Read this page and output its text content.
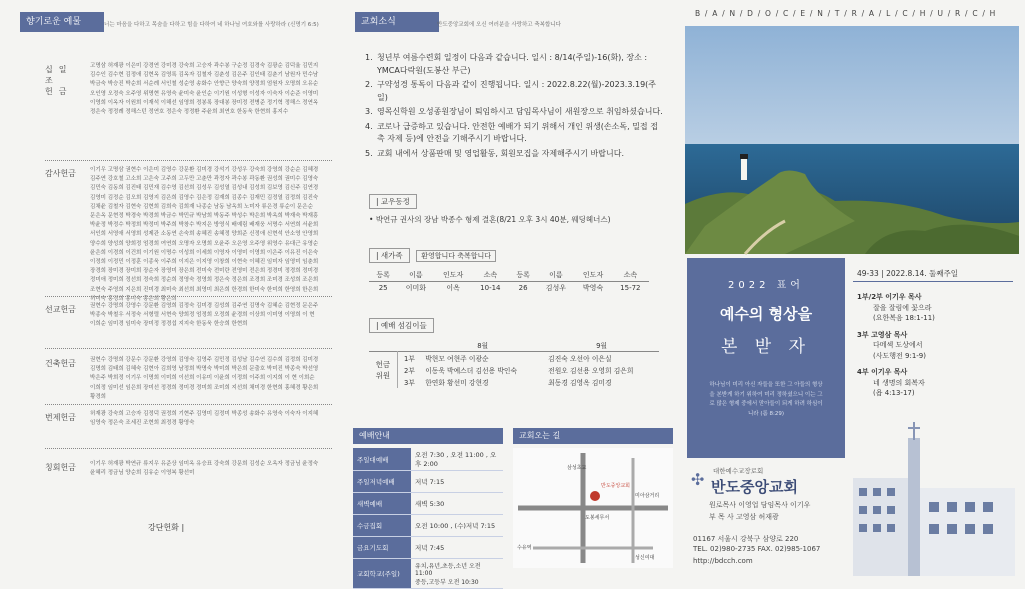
향기로운 예물	너는 마음을 다하고 목숨을 다하고 힘을 다하여 네 하나님 여호와를 사랑하라 (신명기 6:5)
십일조
헌금
고명삼 허재광 이은미 강경연 강미경 강숙희 고승자 곽수봉 구순정 김경숙 김광순 김덕율 김민지 김수인 김수현 김정애 김현옥 김영록 김옥자 김철자 김춘성 김은주 김인태 김춘기 남원자 민수남 박금숙 박승진 박순희 서순례 서인철 성순영 송화수 안향근 양숙희 양정희 엄원자 오명희 오유순 오인영 오정숙 오주영 위명현 유영숙 윤미숙 윤인순 이기원 이성형 이성자 이숙자 이순준 이영미 이영희 이옥자 이원희 이재석 이해선 임영희 정봉록 장대봉 장미정 전병준 정기혁 정해스 정연옥 정은숙 정정례 정해스턴 정연호 정은숙 정정환 주윤희 최연호 한동욱 한현희 홍지수
감사헌금	이기우 고명삼 권현수 이은미 김영수 강문환 김미경 강석기 강성우 강숙희 강영희 강순순 김혜경 김주연 강호철 고소희 고은숙 고주희 고두만 고춘만 곽정자 곽수봉 곽동환 권성희 권미수 김영숙 김민숙 김동희 김진태 김민재 김수영 김선희 김성우 김성열 김성내 김성희 김보영 김신주 김연경 김영미 김정순 김오희 김영지 김은희 김영수 김은정 김재희 김종수 김재민 김정열 김정희 김진숙 김채윤 김철자 김현숙 김현희 김희숙 김희재 나종순 남동 남옥희 노미자 류은경 류순이 문은순 문은옥 문현정 박경숙 박경희 박금수 박민규 박남희 박동주 박성수 박은희 박옥희 박재숙 박재흥 박윤정 박정수 박정희 박정미 박주희 박창수 박지은 방영식 배예림 배재웅 서명수 서연희 서윤희 서인희 서영애 서영희 성제관 소동연 손숙희 송혜진 송혜정 양희준 신정애 신현석 안소영 안영희 양수희 양성희 양희정 엄경희 여연희 오명자 오명희 오윤주 오은영 오주영 위영수 유대근 유영순 윤은희 이경희 이건희 이기원 이명수 이성희 이세희 이영자 이영미 이영희 이은주 이유진 이은숙 이정희 이정민 이정훈 이종욱 이주희 이지은 이지영 이창희 이현숙 이혜진 임미자 임영미 임춘희 장경희 장미경 장미희 장순자 장영미 장은희 전미숙 전미란 전영미 전은희 정경미 정경희 정미경 정미애 정미희 정선희 정숙희 정순희 정영숙 정영희 정은숙 정은희 조경희 조미경 조성희 조은희 조현숙 주영희 지은희 진미경 최미숙 최선희 최영미 최은희 한경희 한미숙 한미희 한영희 한은희 허미숙 홍경희 홍미숙 홍은희 황은희
선교헌금	권현수 강명희 강영수 강문환 김영희 김정숙 김미경 김성희 김주연 김명숙 김혜순 김현정 문은주 박종숙 박철우 서정숙 서형렬 서현숙 양희정 엄정희 오정희 윤경희 이상희 이미영 이영희 이 현 이희순 임미경 임미숙 장미정 정경섭 지지숙 한동욱 한승희 한현희
건축헌금	권현수 강명희 강문수 강문환 강영희 김영숙 김영주 김민정 김성남 김수연 김수희 김정희 김미경 김명희 김태희 김혜숙 김현아 김희영 남정희 박명숙 박미희 박은희 문출호 박미진 박종숙 박선영 박은주 박희정 이기우 이명희 이미희 이선희 이유미 이윤희 이정희 이주희 이지희 이 현 이희순 이희정 임미선 임은희 장미선 정경희 정미경 정미희 조미희 지선희 채미경 한현희 홍혜경 황은희 황경희
번제헌금	허재광 강숙희 고승자 김정덕 권정희 기현주 김영미 김정미 박종성 송화수 유영숙 이숙자 이지혜 임영숙 정은숙 조세진 조현희 최정경 황영숙
칭회헌금	이기우 허재광 박연규 류지우 유준상 임미옥 유승표 강숙희 강문희 김성순 오옥자 정금님 윤정숙 윤혜리 정금님 양순희 김유순 이영복 황선미
강단헌화 |
교회소식	반도중앙교회에 오신 여러분을 사랑하고 축복합니다
1. 청년부 여름수련회 일정이 다음과 같습니다. 일시 : 8/14(주일)-16(화), 장소 : YMCA다락원(도봉산 부근)
2. 구약성경 통독이 다음과 같이 진행됩니다. 일시 : 2022.8.22(월)-2023.3.19(주일)
3. 영목신학원 오성종원장님이 퇴임하시고 담임목사님이 새원장으로 취임하셨습니다.
4. 코로나 급증하고 있습니다. 안전한 예배가 되기 위해서 개인 위생(손소독, 밀접 접촉 자제 등)에 안전을 기해주시기 바랍니다.
5. 교회 내에서 상품판매 및 영업활동, 회원모집을 자제해주시기 바랍니다.
| 교우동정
• 박연규 권사의 장남 박종수 형제 결혼(8/21 오후 3시 40분, 웨딩헤너스)
| 새가족	환영합니다 축복합니다
등록	이름	인도자	소속	등록	이름	인도자	소속
25	이미화	이옥	10-14	26	김성우	박영숙	15-72
| 예배 섬김이들
		8월	9월
헌금
위원	1부	박현모 여현주 이광순	김진숙 오선아 이은실
	2부	이동욱 박예스더 김선용 박인숙	전원오 김선용 오영희 김은희
	3부	한연화 황선미 강현경	최동경 김영옥 김미경
예배안내
주일대예배	오전 7:30 , 오전 11:00 , 오후 2:00
주일저녁예배	저녁 7:15
새벽예배	새벽 5:30
수금집회	오전 10:00 , (수)저녁 7:15
금요기도회	저녁 7:45
교회학교(주일)	유치,유년,초등,소년 오전 11:00
중등,고등부 오전 10:30
교회오는 길
삼성초교
도봉세무서
미아삼거리
수유역
반도중앙교회
성신여대
B / A / N / D / O / C / E / N / T / R / A / L / C / H / U / R / C / H
2022 표어
예수의 형상을
본 받 자
하나님이 미리 아신 자들을 또한 그 아들의 형상을 본받게 하기 위하여 미리 정하셨으니 이는 그로 많은 형제 중에서 맏아들이 되게 하려 하심이니라 (롬 8:29)
49-33 | 2022.8.14. 둘째주일
1부/2부 이기우 목사
잘을 잘림에 꽃으라
(요한복음 18:1-11)
3부 고영삼 목사
다메섹 도상에서
(사도행전 9:1-9)
4부 이기우 목사
네 생명의 회복자
(욥 4:13-17)
✣ 대한예수교장로회
반도중앙교회
원로목사 이영업 담임목사 이기우
부 목 사 고영삼 허재광
01167 서울시 강북구 삼양로 220
TEL. 02)980-2735 FAX. 02)985-1067
http://bdcch.com
